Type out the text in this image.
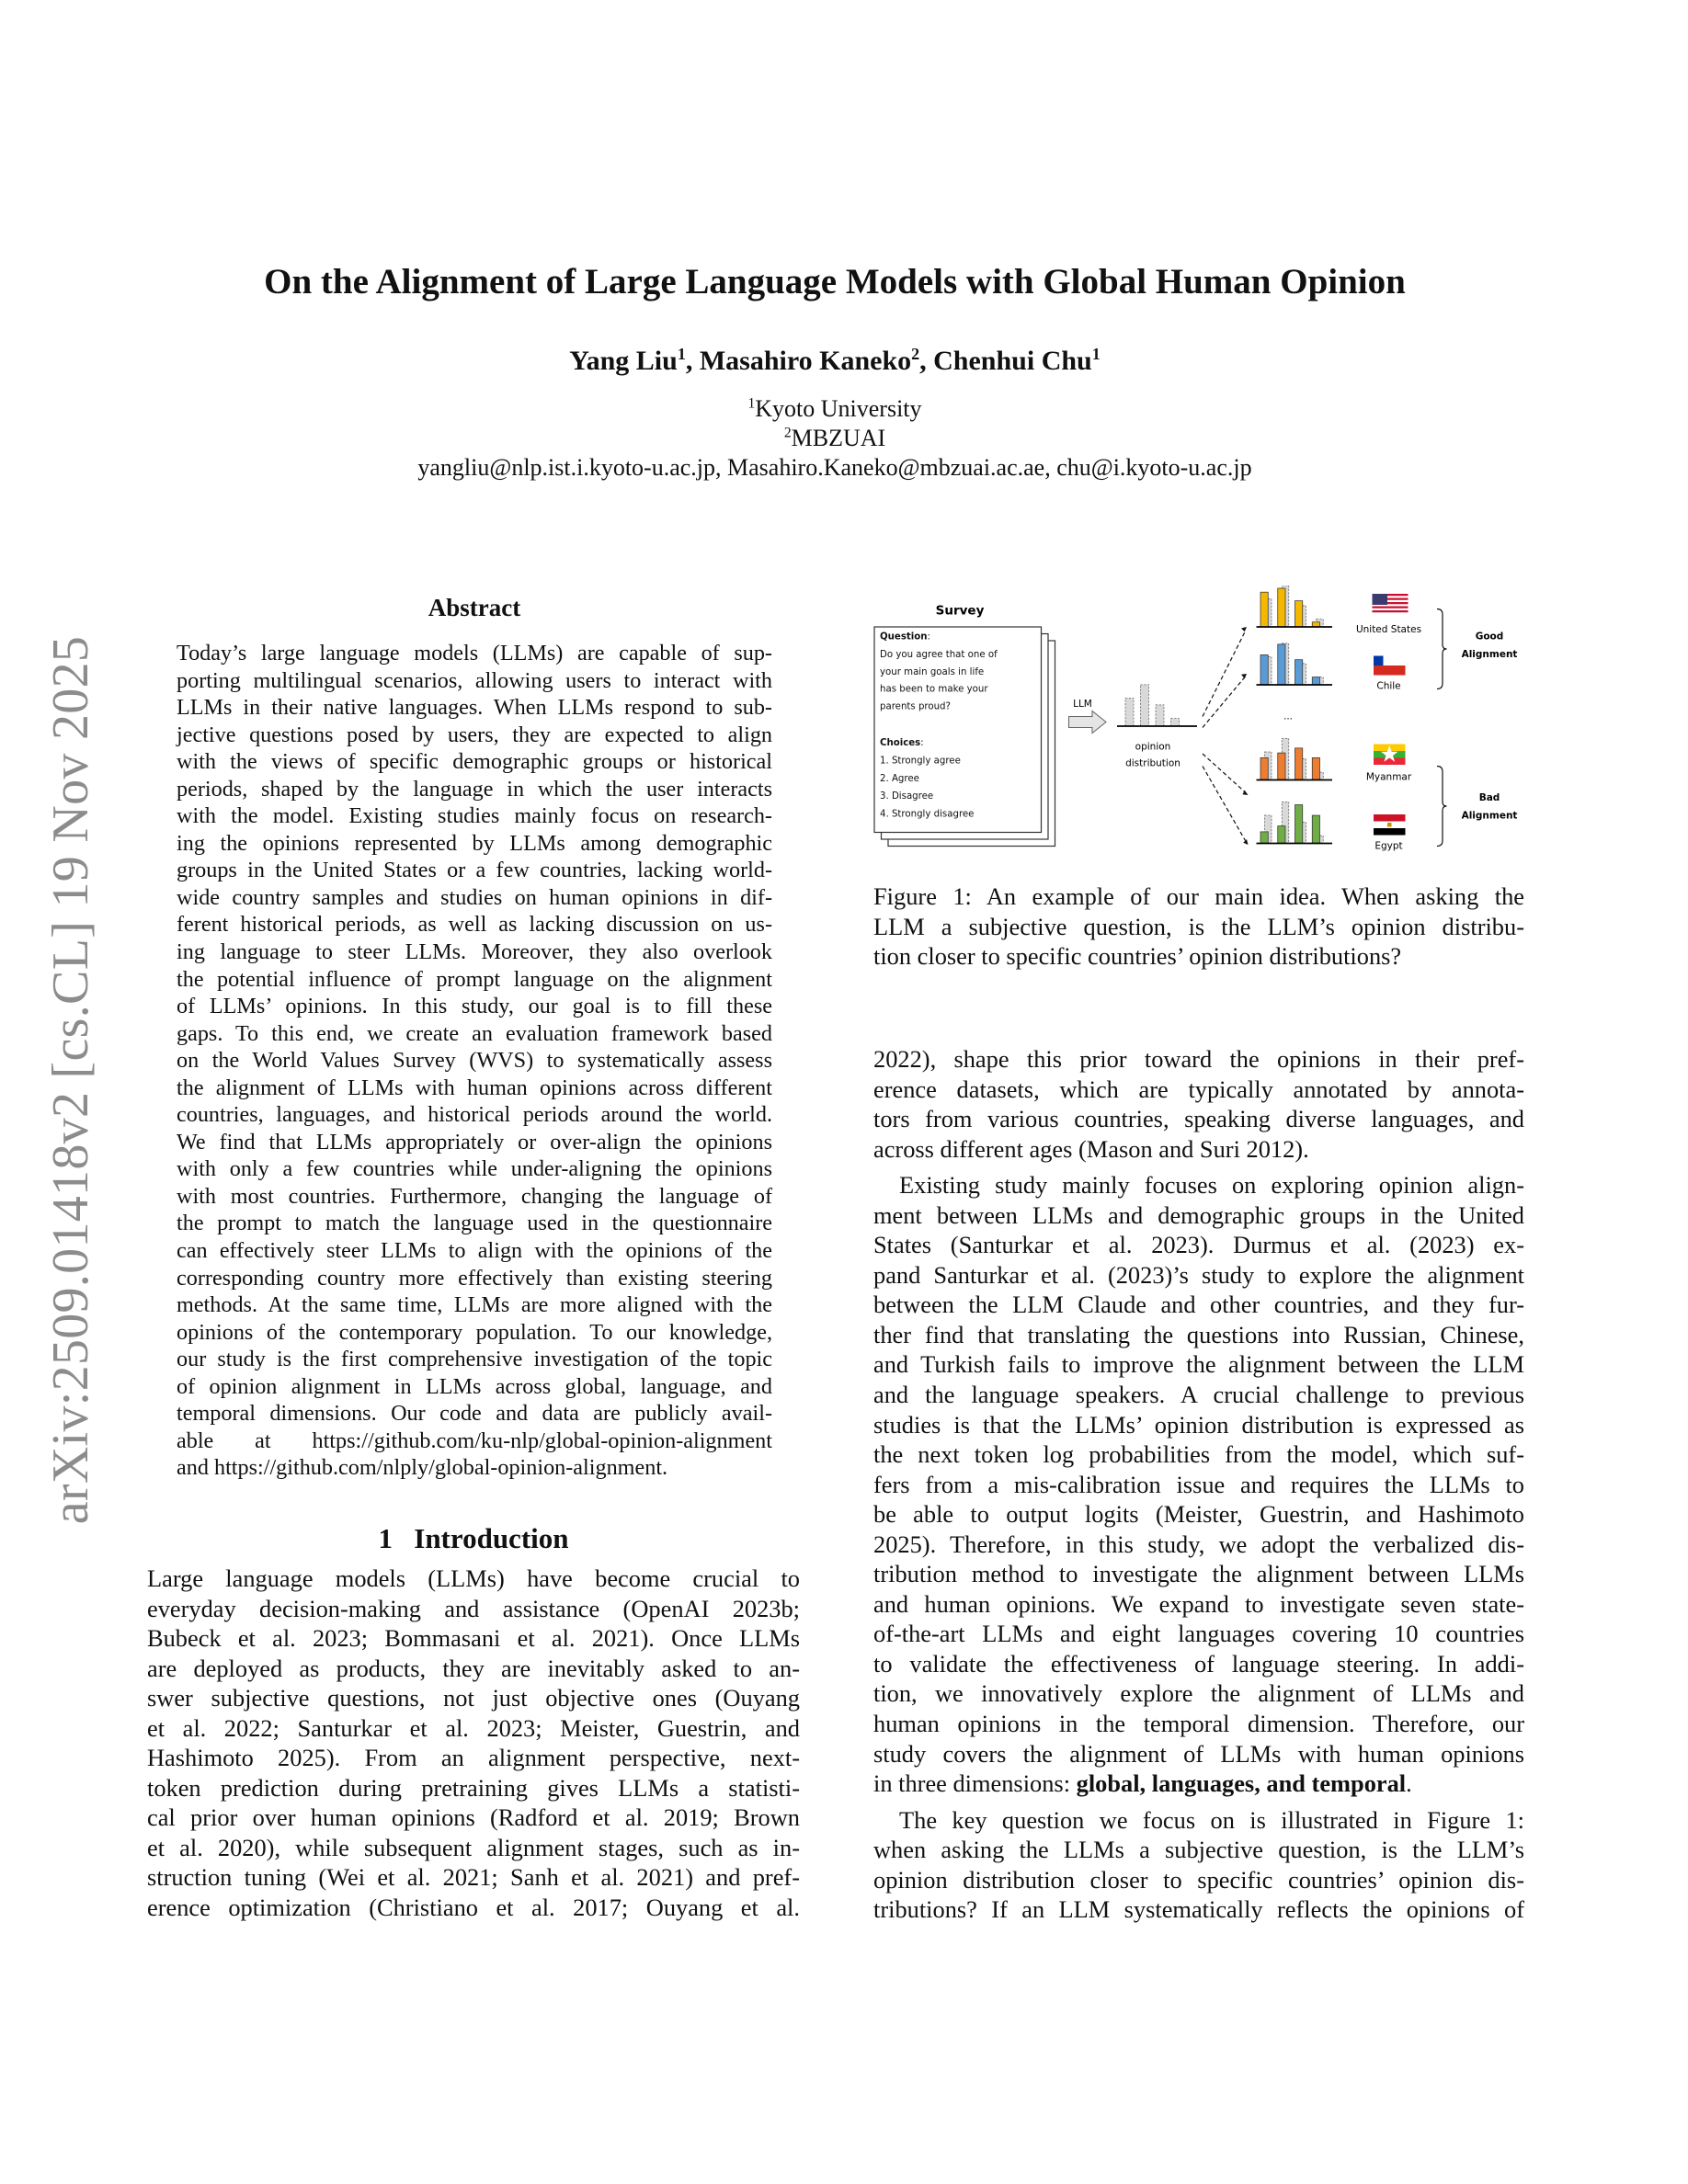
arXiv:2509.01418v2 [cs.CL] 19 Nov 2025
On the Alignment of Large Language Models with Global Human Opinion
Yang Liu$^1$, Masahiro Kaneko$^2$, Chenhui Chu$^1$
$^1$Kyoto University
$^2$MBZUAI
yangliu@nlp.ist.i.kyoto-u.ac.jp, Masahiro.Kaneko@mbzuai.ac.ae, chu@i.kyoto-u.ac.jp
Abstract
Today’s large language models (LLMs) are capable of sup-
porting multilingual scenarios, allowing users to interact with
LLMs in their native languages. When LLMs respond to sub-
jective questions posed by users, they are expected to align
with the views of specific demographic groups or historical
periods, shaped by the language in which the user interacts
with the model. Existing studies mainly focus on research-
ing the opinions represented by LLMs among demographic
groups in the United States or a few countries, lacking world-
wide country samples and studies on human opinions in dif-
ferent historical periods, as well as lacking discussion on us-
ing language to steer LLMs. Moreover, they also overlook
the potential influence of prompt language on the alignment
of LLMs’ opinions. In this study, our goal is to fill these
gaps. To this end, we create an evaluation framework based
on the World Values Survey (WVS) to systematically assess
the alignment of LLMs with human opinions across different
countries, languages, and historical periods around the world.
We find that LLMs appropriately or over-align the opinions
with only a few countries while under-aligning the opinions
with most countries. Furthermore, changing the language of
the prompt to match the language used in the questionnaire
can effectively steer LLMs to align with the opinions of the
corresponding country more effectively than existing steering
methods. At the same time, LLMs are more aligned with the
opinions of the contemporary population. To our knowledge,
our study is the first comprehensive investigation of the topic
of opinion alignment in LLMs across global, language, and
temporal dimensions. Our code and data are publicly avail-
able at https://github.com/ku-nlp/global-opinion-alignment
and https://github.com/nlply/global-opinion-alignment.
1 Introduction
Large language models (LLMs) have become crucial to
everyday decision-making and assistance (OpenAI 2023b;
Bubeck et al. 2023; Bommasani et al. 2021). Once LLMs
are deployed as products, they are inevitably asked to an-
swer subjective questions, not just objective ones (Ouyang
et al. 2022; Santurkar et al. 2023; Meister, Guestrin, and
Hashimoto 2025). From an alignment perspective, next-
token prediction during pretraining gives LLMs a statisti-
cal prior over human opinions (Radford et al. 2019; Brown
et al. 2020), while subsequent alignment stages, such as in-
struction tuning (Wei et al. 2021; Sanh et al. 2021) and pref-
erence optimization (Christiano et al. 2017; Ouyang et al.
Survey
Question:
Do you agree that one of
your main goals in life
has been to make your
parents proud?
Choices:
1. Strongly agree
2. Agree
3. Disagree
4. Strongly disagree
LLM
opinion
distribution
...
United States
Chile
Myanmar
Egypt
Good
Alignment
Bad
Alignment
Figure 1: An example of our main idea. When asking the
LLM a subjective question, is the LLM’s opinion distribu-
tion closer to specific countries’ opinion distributions?
2022), shape this prior toward the opinions in their pref-
erence datasets, which are typically annotated by annota-
tors from various countries, speaking diverse languages, and
across different ages (Mason and Suri 2012).
Existing study mainly focuses on exploring opinion align-
ment between LLMs and demographic groups in the United
States (Santurkar et al. 2023). Durmus et al. (2023) ex-
pand Santurkar et al. (2023)’s study to explore the alignment
between the LLM Claude and other countries, and they fur-
ther find that translating the questions into Russian, Chinese,
and Turkish fails to improve the alignment between the LLM
and the language speakers. A crucial challenge to previous
studies is that the LLMs’ opinion distribution is expressed as
the next token log probabilities from the model, which suf-
fers from a mis-calibration issue and requires the LLMs to
be able to output logits (Meister, Guestrin, and Hashimoto
2025). Therefore, in this study, we adopt the verbalized dis-
tribution method to investigate the alignment between LLMs
and human opinions. We expand to investigate seven state-
of-the-art LLMs and eight languages covering 10 countries
to validate the effectiveness of language steering. In addi-
tion, we innovatively explore the alignment of LLMs and
human opinions in the temporal dimension. Therefore, our
study covers the alignment of LLMs with human opinions
in three dimensions: global, languages, and temporal.
The key question we focus on is illustrated in Figure 1:
when asking the LLMs a subjective question, is the LLM’s
opinion distribution closer to specific countries’ opinion dis-
tributions? If an LLM systematically reflects the opinions of
